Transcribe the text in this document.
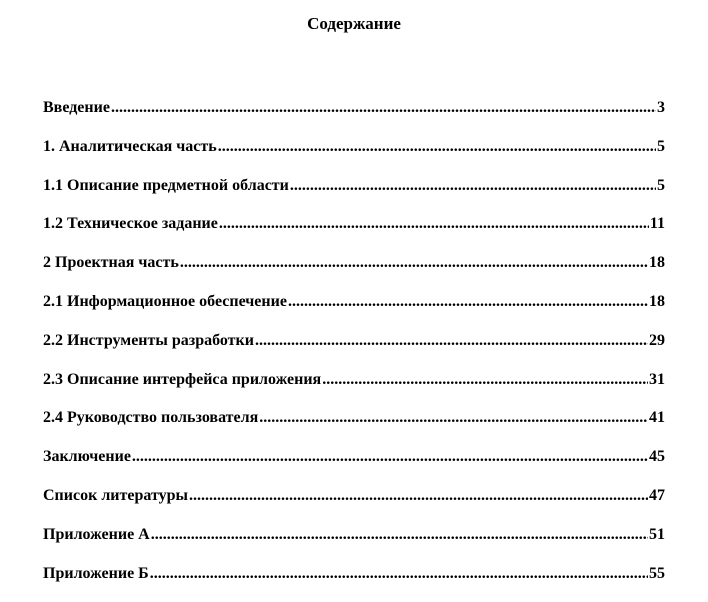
Содержание
Введение .....	3
1. Аналитическая часть .....	5
1.1 Описание предметной области .....	5
1.2 Техническое задание .....	11
2 Проектная часть .....	18
2.1 Информационное обеспечение .....	18
2.2 Инструменты разработки .....	29
2.3 Описание интерфейса приложения .....	31
2.4 Руководство пользователя .....	41
Заключение .....	45
Список литературы .....	47
Приложение А .....	51
Приложение Б .....	55
